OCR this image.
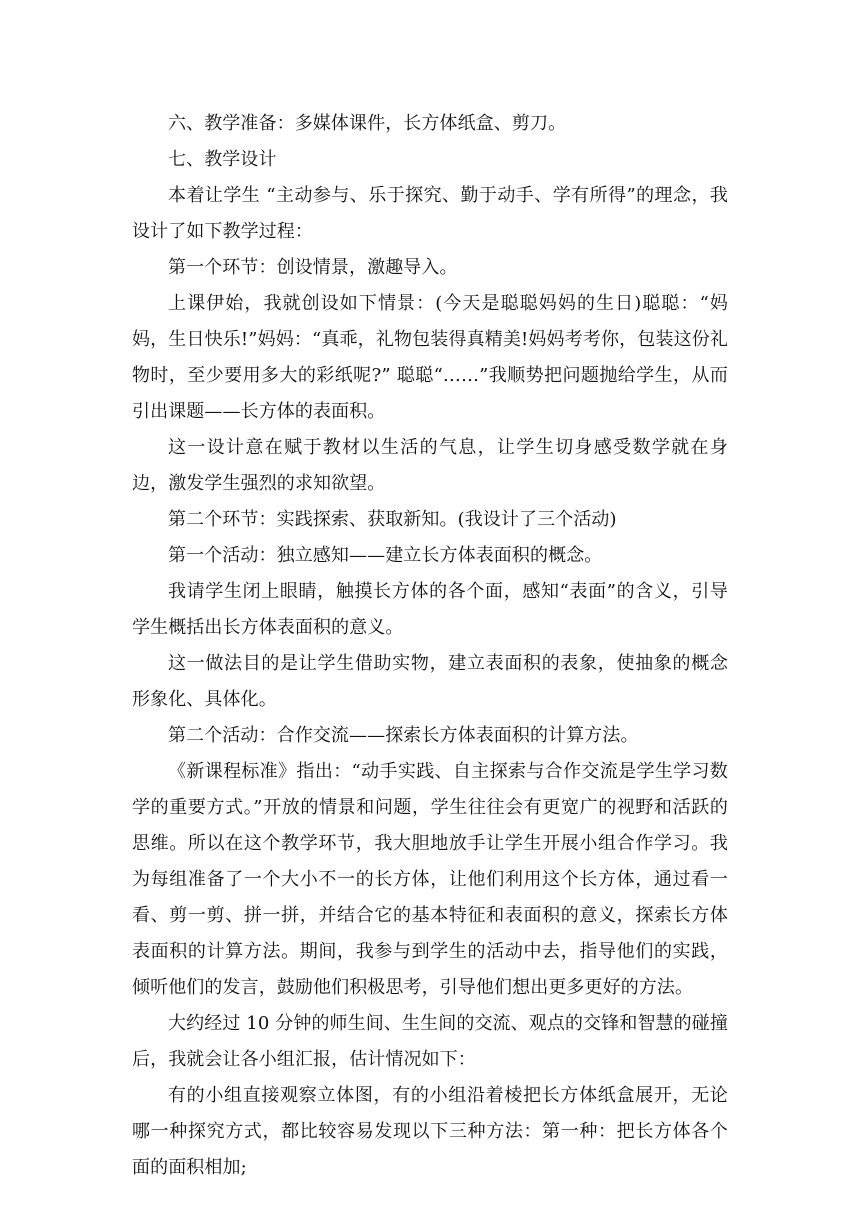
六、教学准备：多媒体课件，长方体纸盒、剪刀。

七、教学设计

本着让学生 “主动参与、乐于探究、勤于动手、学有所得”的理念，我设计了如下教学过程：

第一个环节：创设情景，激趣导入。

上课伊始，我就创设如下情景：(今天是聪聪妈妈的生日)聪聪：“妈妈，生日快乐!”妈妈：“真乖，礼物包装得真精美!妈妈考考你，包装这份礼物时，至少要用多大的彩纸呢?” 聪聪“……”我顺势把问题抛给学生，从而引出课题——长方体的表面积。

这一设计意在赋于教材以生活的气息，让学生切身感受数学就在身边，激发学生强烈的求知欲望。

第二个环节：实践探索、获取新知。(我设计了三个活动)

第一个活动：独立感知——建立长方体表面积的概念。

我请学生闭上眼睛，触摸长方体的各个面，感知“表面”的含义，引导学生概括出长方体表面积的意义。

这一做法目的是让学生借助实物，建立表面积的表象，使抽象的概念形象化、具体化。

第二个活动：合作交流——探索长方体表面积的计算方法。

《新课程标准》指出：“动手实践、自主探索与合作交流是学生学习数学的重要方式。”开放的情景和问题，学生往往会有更宽广的视野和活跃的思维。所以在这个教学环节，我大胆地放手让学生开展小组合作学习。我为每组准备了一个大小不一的长方体，让他们利用这个长方体，通过看一看、剪一剪、拼一拼，并结合它的基本特征和表面积的意义，探索长方体表面积的计算方法。期间，我参与到学生的活动中去，指导他们的实践，倾听他们的发言，鼓励他们积极思考，引导他们想出更多更好的方法。

大约经过 10 分钟的师生间、生生间的交流、观点的交锋和智慧的碰撞后，我就会让各小组汇报，估计情况如下：

有的小组直接观察立体图，有的小组沿着棱把长方体纸盒展开，无论哪一种探究方式，都比较容易发现以下三种方法：第一种：把长方体各个面的面积相加;
